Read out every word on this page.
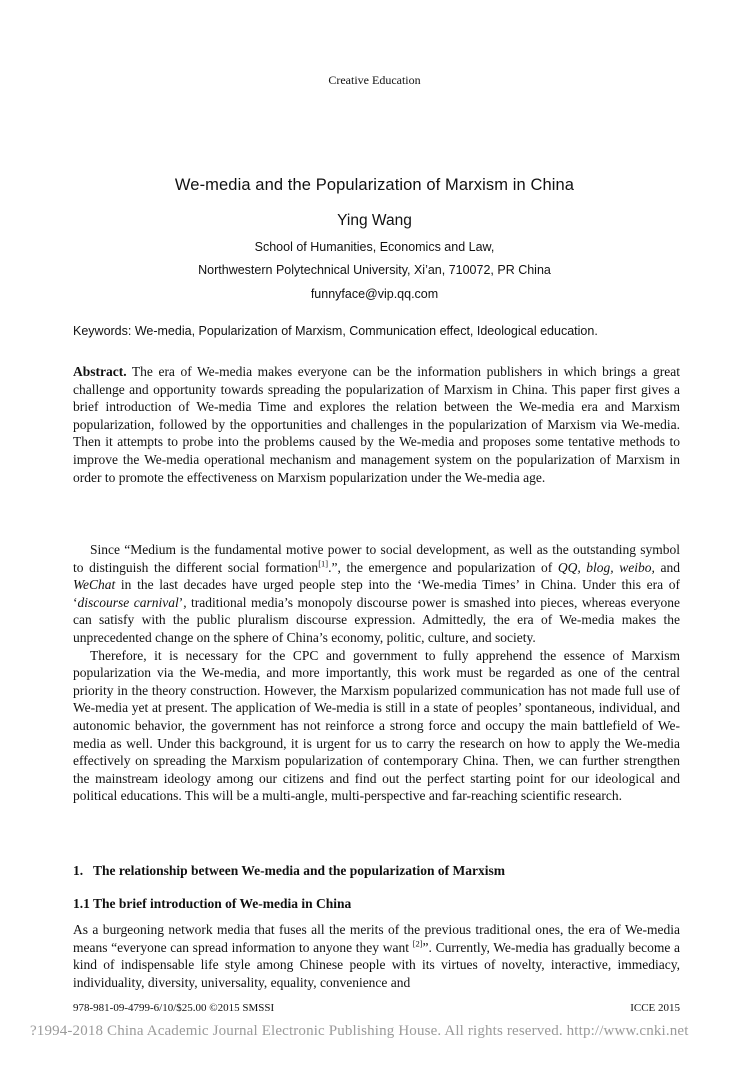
Creative Education
We-media and the Popularization of Marxism in China
Ying Wang
School of Humanities, Economics and Law,
Northwestern Polytechnical University, Xi’an, 710072, PR China
funnyface@vip.qq.com
Keywords: We-media, Popularization of Marxism, Communication effect, Ideological education.
Abstract. The era of We-media makes everyone can be the information publishers in which brings a great challenge and opportunity towards spreading the popularization of Marxism in China. This paper first gives a brief introduction of We-media Time and explores the relation between the We-media era and Marxism popularization, followed by the opportunities and challenges in the popularization of Marxism via We-media. Then it attempts to probe into the problems caused by the We-media and proposes some tentative methods to improve the We-media operational mechanism and management system on the popularization of Marxism in order to promote the effectiveness on Marxism popularization under the We-media age.

Since “Medium is the fundamental motive power to social development, as well as the outstanding symbol to distinguish the different social formation[1].”, the emergence and popularization of QQ, blog, weibo, and WeChat in the last decades have urged people step into the ‘We-media Times’ in China. Under this era of ‘discourse carnival’, traditional media’s monopoly discourse power is smashed into pieces, whereas everyone can satisfy with the public pluralism discourse expression. Admittedly, the era of We-media makes the unprecedented change on the sphere of China’s economy, politic, culture, and society.

Therefore, it is necessary for the CPC and government to fully apprehend the essence of Marxism popularization via the We-media, and more importantly, this work must be regarded as one of the central priority in the theory construction. However, the Marxism popularized communication has not made full use of We-media yet at present. The application of We-media is still in a state of peoples’ spontaneous, individual, and autonomic behavior, the government has not reinforce a strong force and occupy the main battlefield of We-media as well. Under this background, it is urgent for us to carry the research on how to apply the We-media effectively on spreading the Marxism popularization of contemporary China. Then, we can further strengthen the mainstream ideology among our citizens and find out the perfect starting point for our ideological and political educations. This will be a multi-angle, multi-perspective and far-reaching scientific research.

1. The relationship between We-media and the popularization of Marxism
1.1 The brief introduction of We-media in China
As a burgeoning network media that fuses all the merits of the previous traditional ones, the era of We-media means “everyone can spread information to anyone they want [2]”. Currently, We-media has gradually become a kind of indispensable life style among Chinese people with its virtues of novelty, interactive, immediacy, individuality, diversity, universality, equality, convenience and
978-981-09-4799-6/10/$25.00 ©2015 SMSSI	ICCE 2015
?1994-2018 China Academic Journal Electronic Publishing House. All rights reserved. http://www.cnki.net
